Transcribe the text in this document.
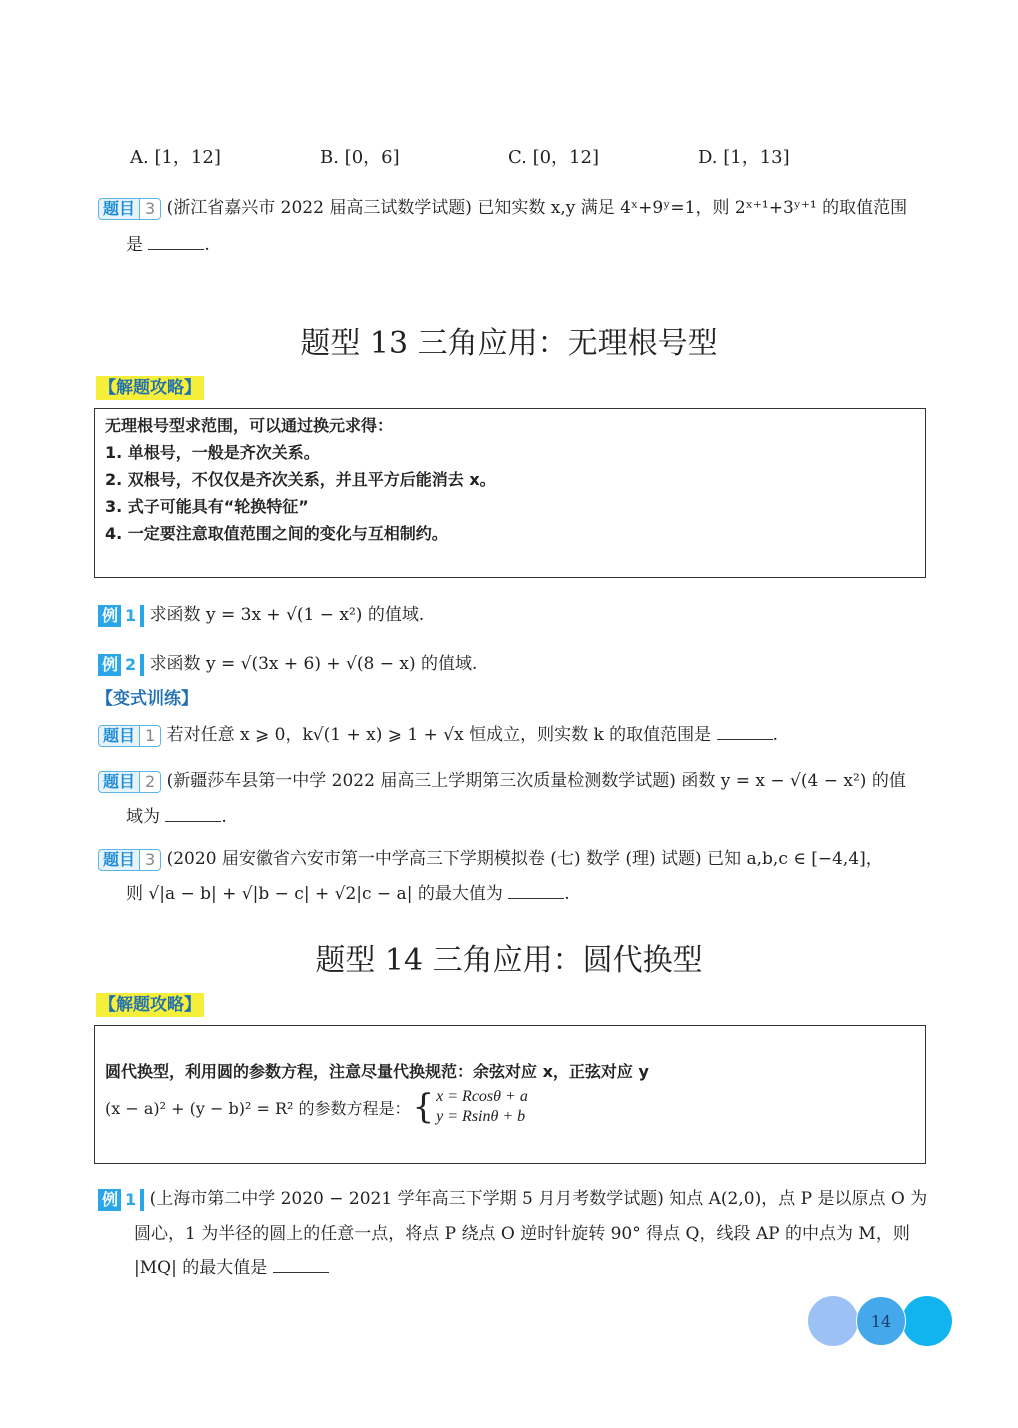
A. [1，12]	B. [0，6]	C. [0，12]	D. [1，13]
题目 3 (浙江省嘉兴市 2022 届高三试数学试题) 已知实数 x,y 满足 4ˣ+9ʸ=1，则 2ˣ⁺¹+3ʸ⁺¹ 的取值范围
是	.
题型 13 三角应用：无理根号型
【解题攻略】
无理根号型求范围，可以通过换元求得：
1. 单根号，一般是齐次关系。
2. 双根号，不仅仅是齐次关系，并且平方后能消去 x。
3. 式子可能具有“轮换特征”
4. 一定要注意取值范围之间的变化与互相制约。
例 1 求函数 y = 3x + √(1 − x²) 的值域.
例 2 求函数 y = √(3x + 6) + √(8 − x) 的值域.
【变式训练】
题目 1 若对任意 x ⩾ 0，k√(1 + x) ⩾ 1 + √x 恒成立，则实数 k 的取值范围是	.
题目 2 (新疆莎车县第一中学 2022 届高三上学期第三次质量检测数学试题) 函数 y = x − √(4 − x²) 的值
域为	.
题目 3 (2020 届安徽省六安市第一中学高三下学期模拟卷 (七) 数学 (理) 试题) 已知 a,b,c ∈ [−4,4]，
则 √|a − b| + √|b − c| + √2|c − a| 的最大值为	.
题型 14 三角应用：圆代换型
【解题攻略】
圆代换型，利用圆的参数方程，注意尽量代换规范：余弦对应 x，正弦对应 y
(x − a)² + (y − b)² = R² 的参数方程是： { x = Rcosθ + a
y = Rsinθ + b
例 1 (上海市第二中学 2020 − 2021 学年高三下学期 5 月月考数学试题) 知点 A(2,0)，点 P 是以原点 O 为
圆心，1 为半径的圆上的任意一点，将点 P 绕点 O 逆时针旋转 90° 得点 Q，线段 AP 的中点为 M，则
|MQ| 的最大值是
14
